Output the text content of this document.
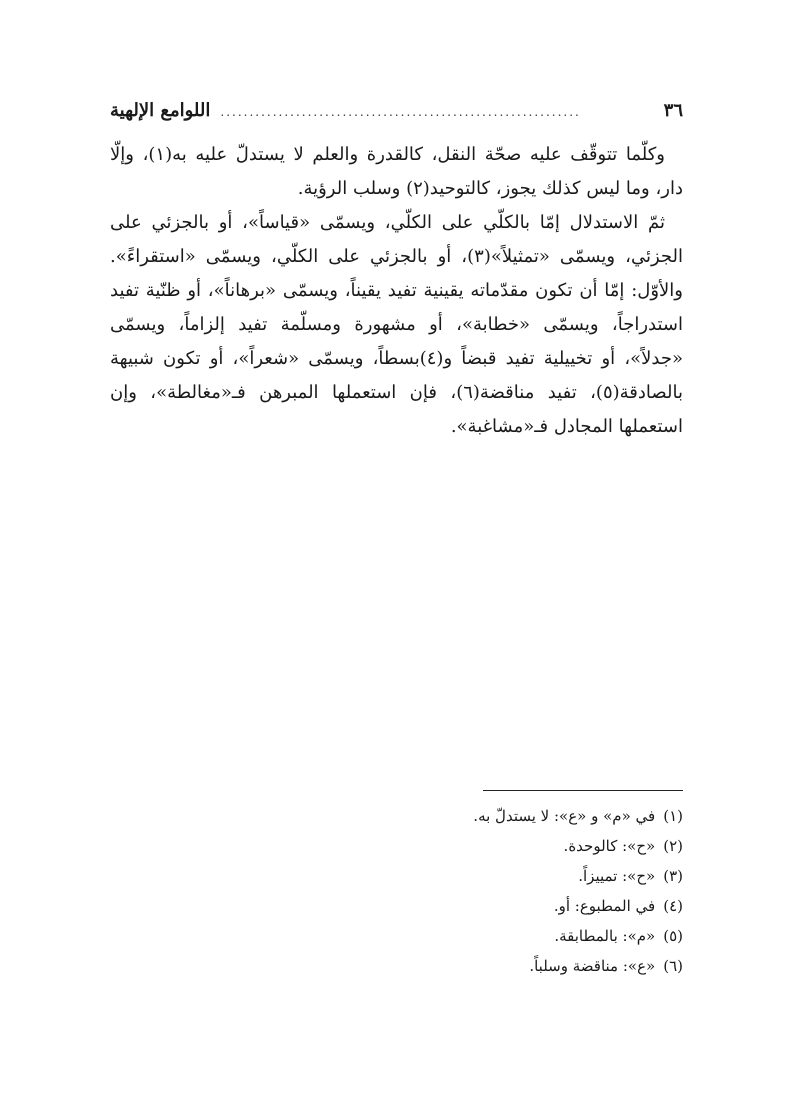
٣٦
..............................................................
اللوامع الإلهية

وكلّما تتوقّف عليه صحّة النقل، كالقدرة والعلم لا يستدلّ عليه به(١)، وإلّا دار، وما ليس كذلك يجوز، كالتوحيد(٢) وسلب الرؤية.

ثمّ الاستدلال إمّا بالكلّي على الكلّي، ويسمّى «قياساً»، أو بالجزئي على الجزئي، ويسمّى «تمثيلاً»(٣)، أو بالجزئي على الكلّي، ويسمّى «استقراءً». والأوّل: إمّا أن تكون مقدّماته يقينية تفيد يقيناً، ويسمّى «برهاناً»، أو ظنّية تفيد استدراجاً، ويسمّى «خطابة»، أو مشهورة ومسلّمة تفيد إلزاماً، ويسمّى «جدلاً»، أو تخييلية تفيد قبضاً و(٤)بسطاً، ويسمّى «شعراً»، أو تكون شبيهة بالصادقة(٥)، تفيد مناقضة(٦)، فإن استعملها المبرهن فـ«مغالطة»، وإن استعملها المجادل فـ«مشاغبة».

(١)في «م» و «ع»: لا يستدلّ به.
(٢)«ح»: كالوحدة.
(٣)«ح»: تمييزاً.
(٤)في المطبوع: أو.
(٥)«م»: بالمطابقة.
(٦)«ع»: مناقضة وسلباً.
